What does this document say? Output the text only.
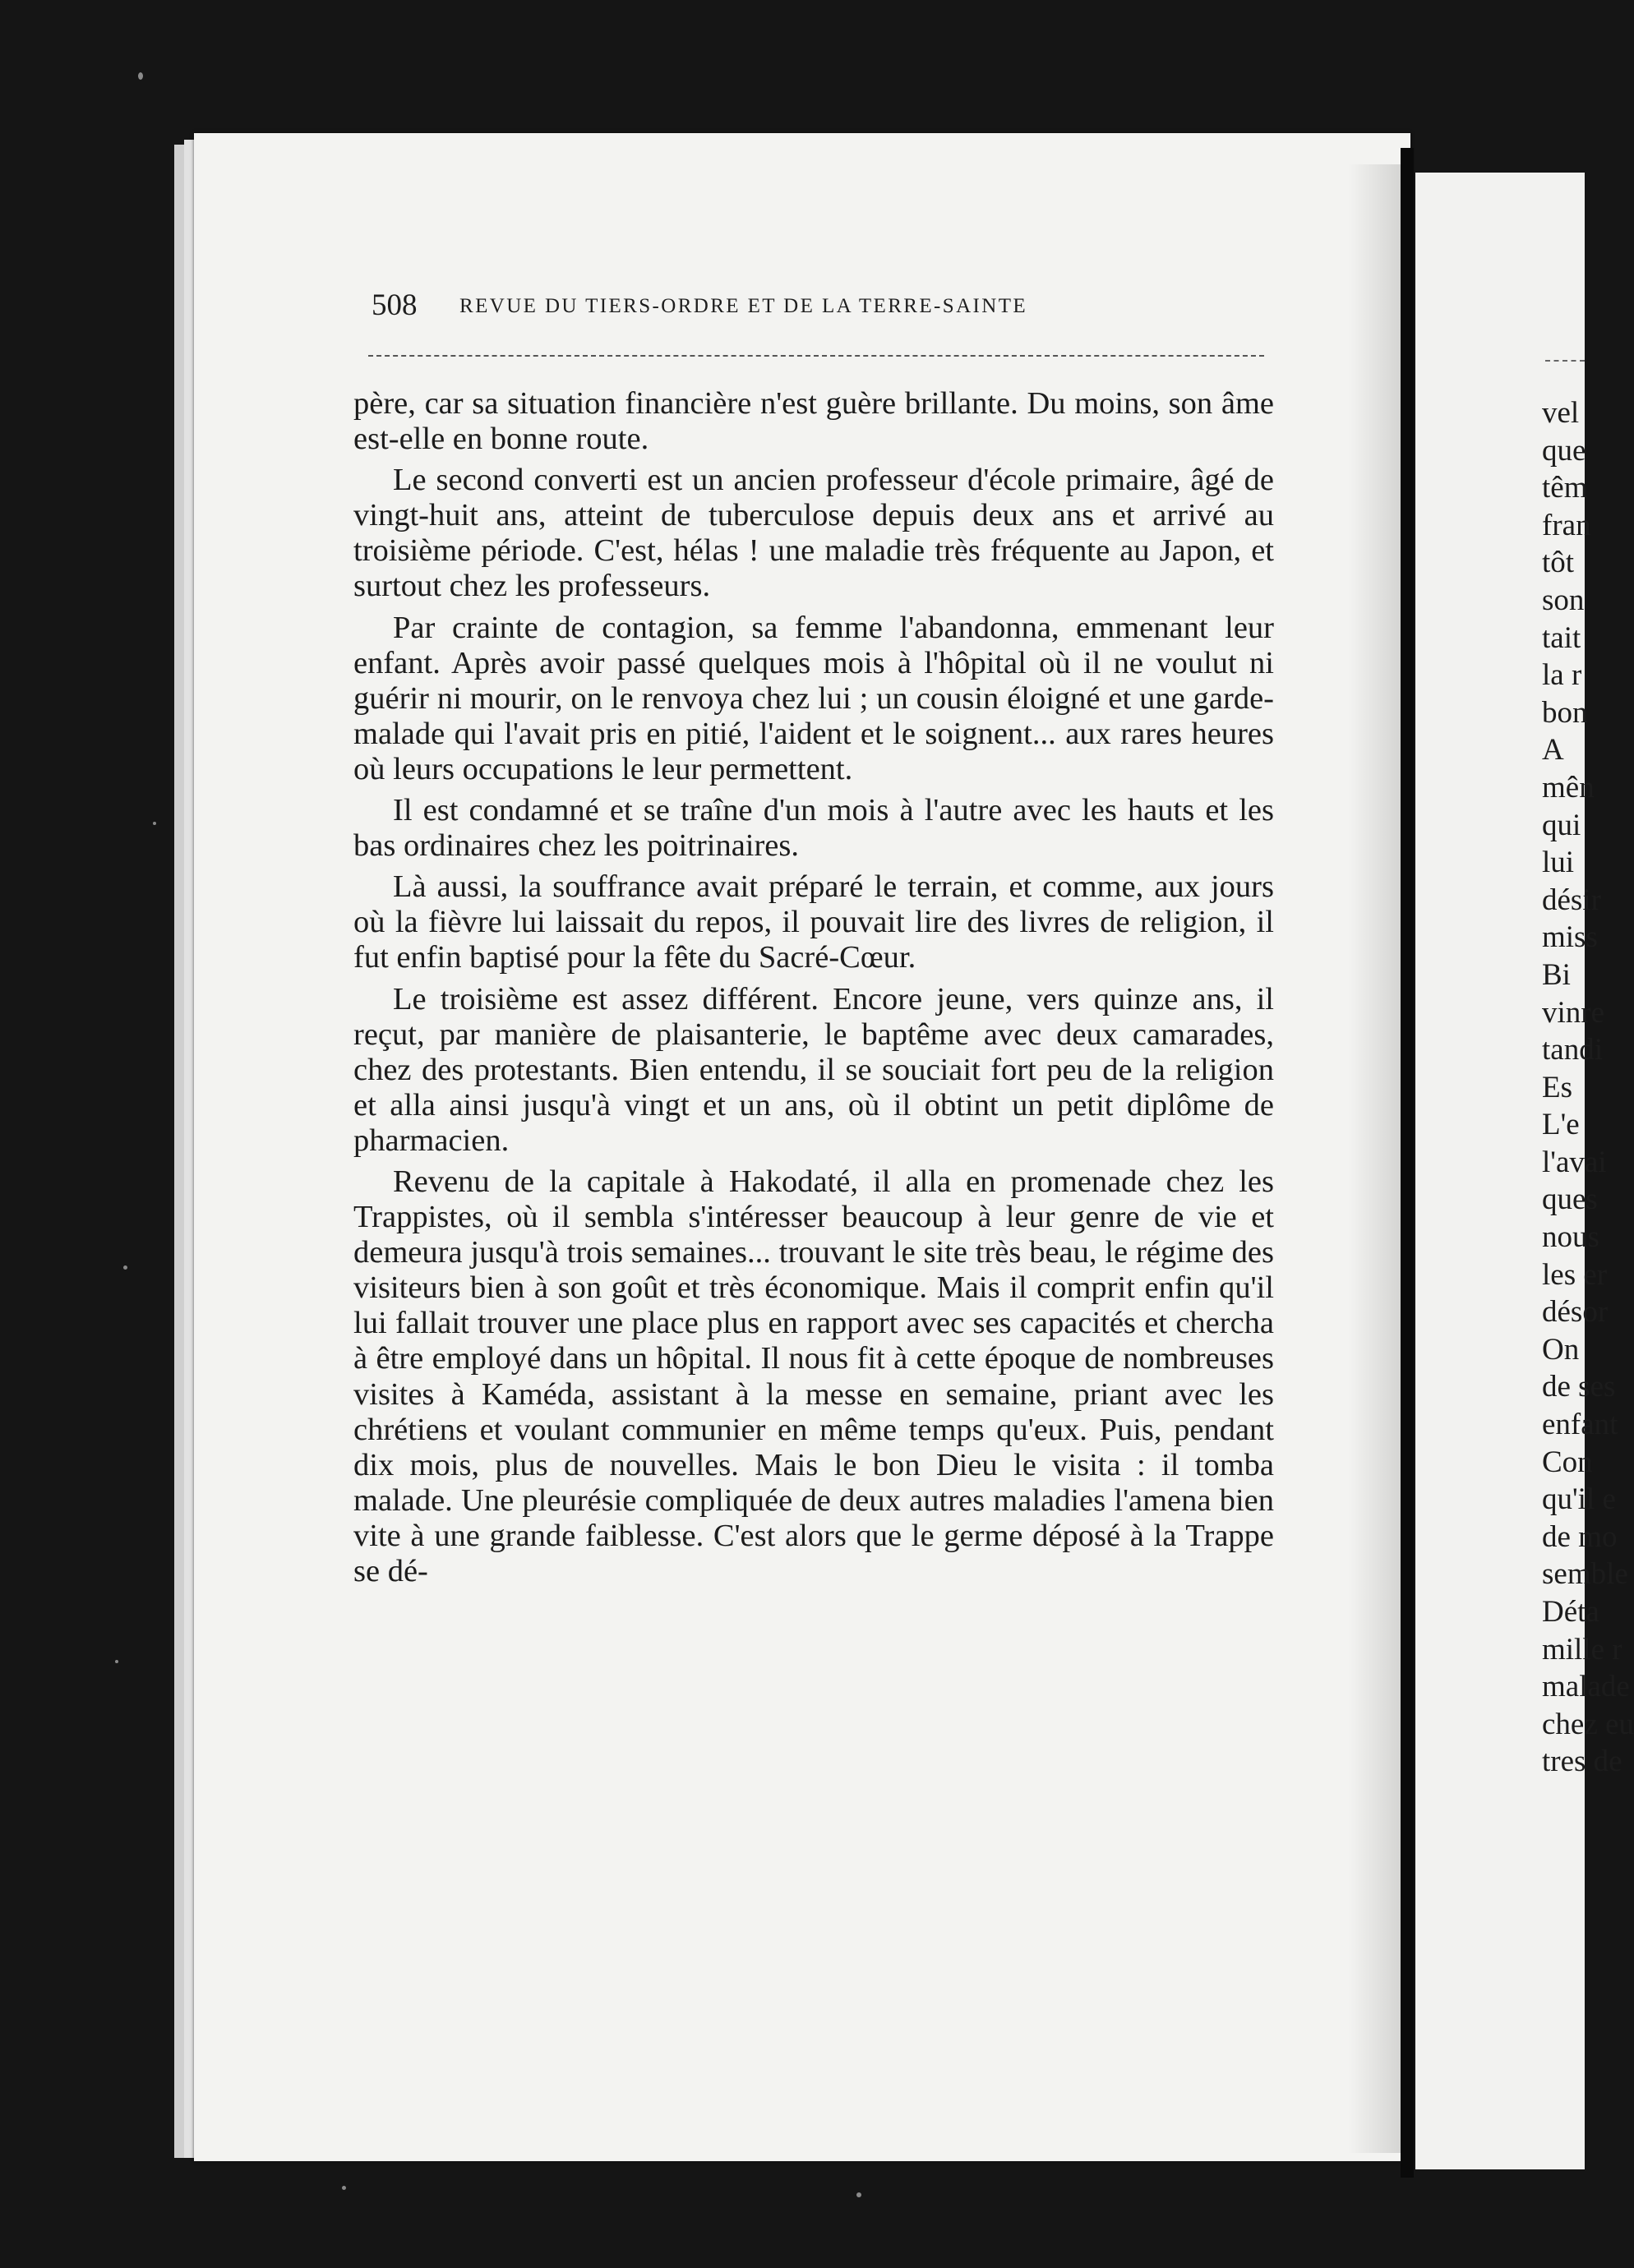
508 REVUE DU TIERS-ORDRE ET DE LA TERRE-SAINTE

père, car sa situation financière n'est guère brillante. Du moins, son âme est-elle en bonne route.

Le second converti est un ancien professeur d'école primaire, âgé de vingt-huit ans, atteint de tuberculose depuis deux ans et arrivé au troisième période. C'est, hélas ! une maladie très fréquente au Japon, et surtout chez les professeurs.

Par crainte de contagion, sa femme l'abandonna, emmenant leur enfant. Après avoir passé quelques mois à l'hôpital où il ne voulut ni guérir ni mourir, on le renvoya chez lui ; un cousin éloigné et une garde-malade qui l'avait pris en pitié, l'aident et le soignent... aux rares heures où leurs occupations le leur permettent.

Il est condamné et se traîne d'un mois à l'autre avec les hauts et les bas ordinaires chez les poitrinaires.

Là aussi, la souffrance avait préparé le terrain, et comme, aux jours où la fièvre lui laissait du repos, il pouvait lire des livres de religion, il fut enfin baptisé pour la fête du Sacré-Cœur.

Le troisième est assez différent. Encore jeune, vers quinze ans, il reçut, par manière de plaisanterie, le baptême avec deux camarades, chez des protestants. Bien entendu, il se souciait fort peu de la religion et alla ainsi jusqu'à vingt et un ans, où il obtint un petit diplôme de pharmacien.

Revenu de la capitale à Hakodaté, il alla en promenade chez les Trappistes, où il sembla s'intéresser beaucoup à leur genre de vie et demeura jusqu'à trois semaines... trouvant le site très beau, le régime des visiteurs bien à son goût et très économique. Mais il comprit enfin qu'il lui fallait trouver une place plus en rapport avec ses capacités et chercha à être employé dans un hôpital. Il nous fit à cette époque de nombreuses visites à Kaméda, assistant à la messe en semaine, priant avec les chrétiens et voulant communier en même temps qu'eux. Puis, pendant dix mois, plus de nouvelles. Mais le bon Dieu le visita : il tomba malade. Une pleurésie compliquée de deux autres maladies l'amena bien vite à une grande faiblesse. C'est alors que le germe déposé à la Trappe se dé-

vel
que
têm
fran
tôt
son
tait
la r
bon
A
mên
qui
lui
désir
miss
Bi
vinre
tandi
Es
L'e
l'avai
ques
nous
les er
désor
On
de ses
enfant
Con
qu'il e
de mo
semble
Déta
mille r
malade
chez eu
tres de
